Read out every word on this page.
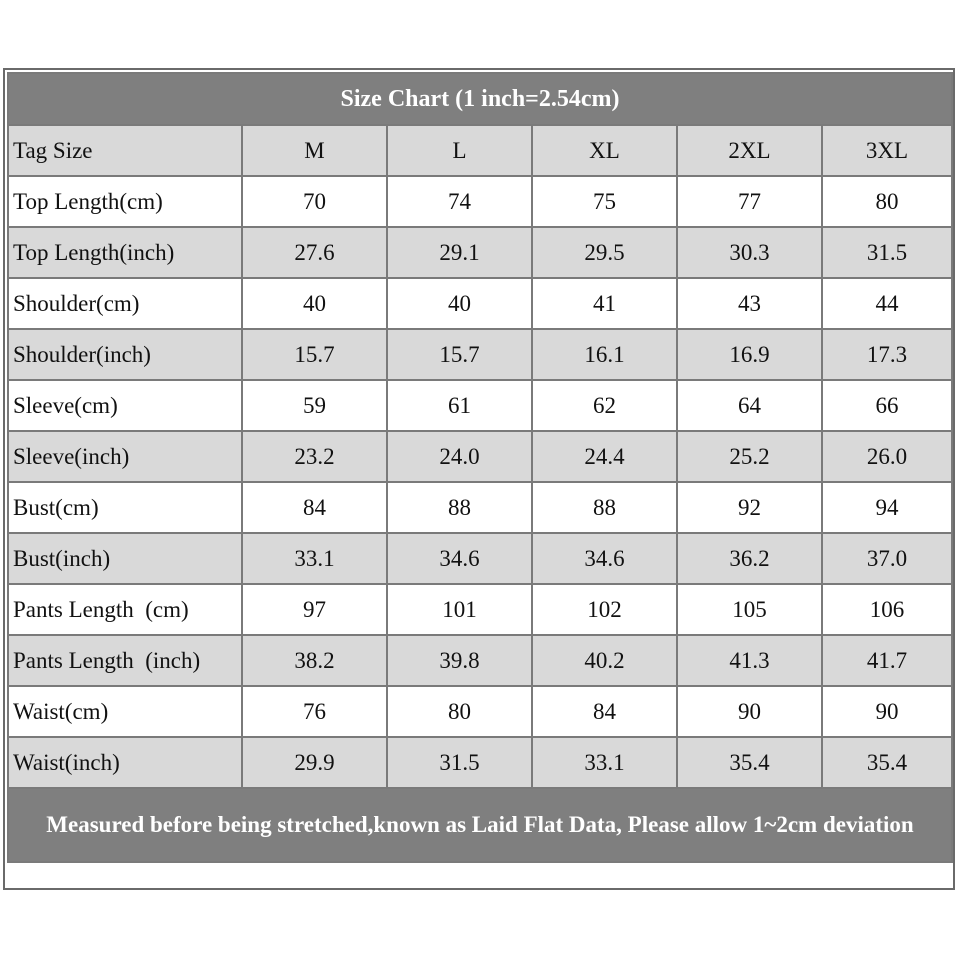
Size Chart (1 inch=2.54cm)					
Tag Size	M	L	XL	2XL	3XL
Top Length(cm)	70	74	75	77	80
Top Length(inch)	27.6	29.1	29.5	30.3	31.5
Shoulder(cm)	40	40	41	43	44
Shoulder(inch)	15.7	15.7	16.1	16.9	17.3
Sleeve(cm)	59	61	62	64	66
Sleeve(inch)	23.2	24.0	24.4	25.2	26.0
Bust(cm)	84	88	88	92	94
Bust(inch)	33.1	34.6	34.6	36.2	37.0
Pants Length  (cm)	97	101	102	105	106
Pants Length  (inch)	38.2	39.8	40.2	41.3	41.7
Waist(cm)	76	80	84	90	90
Waist(inch)	29.9	31.5	33.1	35.4	35.4
Measured before being stretched,known as Laid Flat Data, Please allow 1~2cm deviation					
